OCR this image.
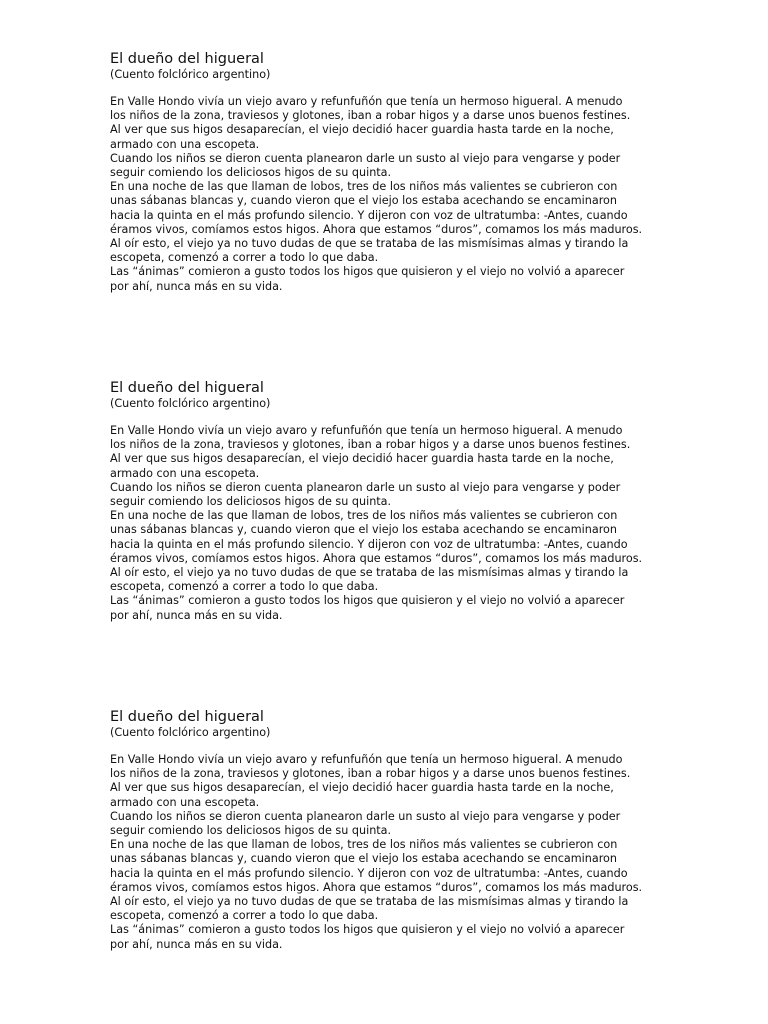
El dueño del higueral

(Cuento folclórico argentino)

En Valle Hondo vivía un viejo avaro y refunfuñón que tenía un hermoso higueral. A menudo

los niños de la zona, traviesos y glotones, iban a robar higos y a darse unos buenos festines.

Al ver que sus higos desaparecían, el viejo decidió hacer guardia hasta tarde en la noche,

armado con una escopeta.

Cuando los niños se dieron cuenta planearon darle un susto al viejo para vengarse y poder

seguir comiendo los deliciosos higos de su quinta.

En una noche de las que llaman de lobos, tres de los niños más valientes se cubrieron con

unas sábanas blancas y, cuando vieron que el viejo los estaba acechando se encaminaron

hacia la quinta en el más profundo silencio. Y dijeron con voz de ultratumba: -Antes, cuando

éramos vivos, comíamos estos higos. Ahora que estamos “duros”, comamos los más maduros.

Al oír esto, el viejo ya no tuvo dudas de que se trataba de las mismísimas almas y tirando la

escopeta, comenzó a correr a todo lo que daba.

Las “ánimas” comieron a gusto todos los higos que quisieron y el viejo no volvió a aparecer

por ahí, nunca más en su vida.

El dueño del higueral

(Cuento folclórico argentino)

En Valle Hondo vivía un viejo avaro y refunfuñón que tenía un hermoso higueral. A menudo

los niños de la zona, traviesos y glotones, iban a robar higos y a darse unos buenos festines.

Al ver que sus higos desaparecían, el viejo decidió hacer guardia hasta tarde en la noche,

armado con una escopeta.

Cuando los niños se dieron cuenta planearon darle un susto al viejo para vengarse y poder

seguir comiendo los deliciosos higos de su quinta.

En una noche de las que llaman de lobos, tres de los niños más valientes se cubrieron con

unas sábanas blancas y, cuando vieron que el viejo los estaba acechando se encaminaron

hacia la quinta en el más profundo silencio. Y dijeron con voz de ultratumba: -Antes, cuando

éramos vivos, comíamos estos higos. Ahora que estamos “duros”, comamos los más maduros.

Al oír esto, el viejo ya no tuvo dudas de que se trataba de las mismísimas almas y tirando la

escopeta, comenzó a correr a todo lo que daba.

Las “ánimas” comieron a gusto todos los higos que quisieron y el viejo no volvió a aparecer

por ahí, nunca más en su vida.

El dueño del higueral

(Cuento folclórico argentino)

En Valle Hondo vivía un viejo avaro y refunfuñón que tenía un hermoso higueral. A menudo

los niños de la zona, traviesos y glotones, iban a robar higos y a darse unos buenos festines.

Al ver que sus higos desaparecían, el viejo decidió hacer guardia hasta tarde en la noche,

armado con una escopeta.

Cuando los niños se dieron cuenta planearon darle un susto al viejo para vengarse y poder

seguir comiendo los deliciosos higos de su quinta.

En una noche de las que llaman de lobos, tres de los niños más valientes se cubrieron con

unas sábanas blancas y, cuando vieron que el viejo los estaba acechando se encaminaron

hacia la quinta en el más profundo silencio. Y dijeron con voz de ultratumba: -Antes, cuando

éramos vivos, comíamos estos higos. Ahora que estamos “duros”, comamos los más maduros.

Al oír esto, el viejo ya no tuvo dudas de que se trataba de las mismísimas almas y tirando la

escopeta, comenzó a correr a todo lo que daba.

Las “ánimas” comieron a gusto todos los higos que quisieron y el viejo no volvió a aparecer

por ahí, nunca más en su vida.
